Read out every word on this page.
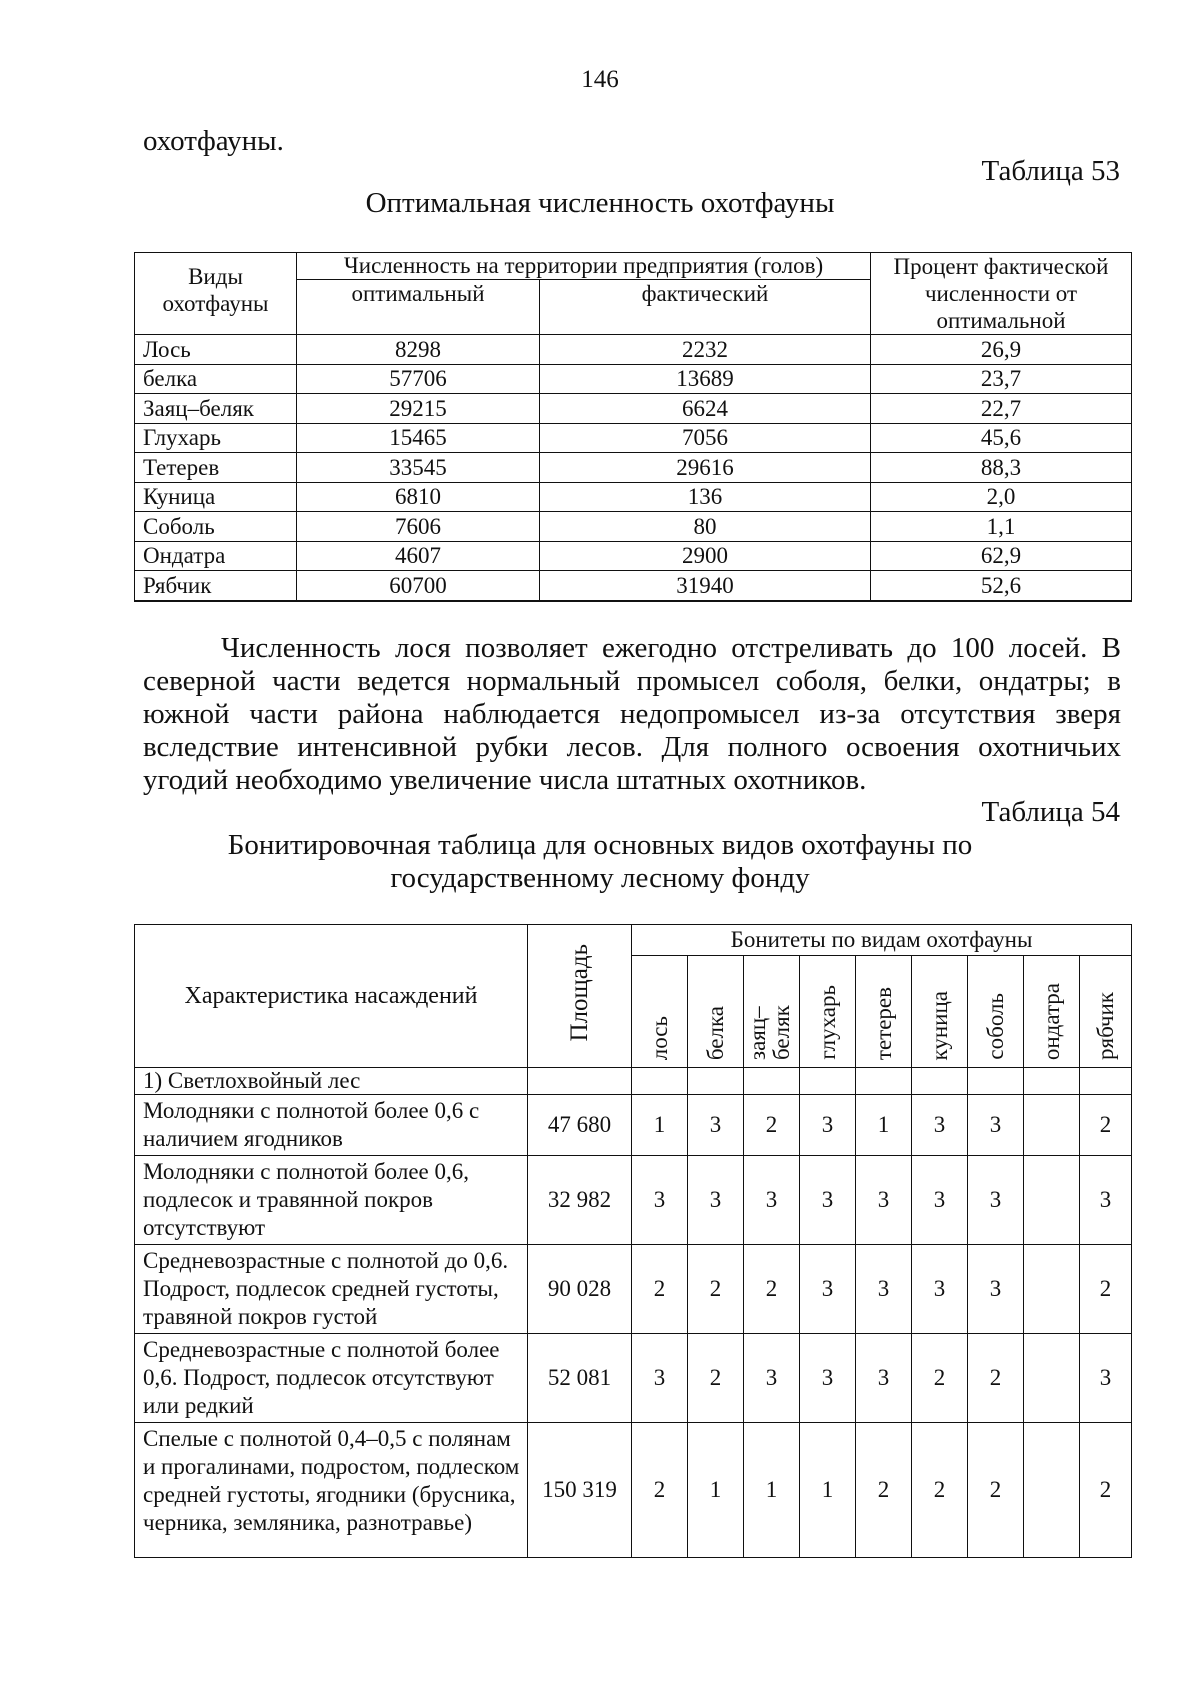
146
охотфауны.
Таблица 53
Оптимальная численность охотфауны
Виды охотфауны	Численность на территории предприятия (голов)		Процент фактической численности от оптимальной
	оптимальный	фактический	
Лось	8298	2232	26,9
белка	57706	13689	23,7
Заяц–беляк	29215	6624	22,7
Глухарь	15465	7056	45,6
Тетерев	33545	29616	88,3
Куница	6810	136	2,0
Соболь	7606	80	1,1
Ондатра	4607	2900	62,9
Рябчик	60700	31940	52,6

Численность лося позволяет ежегодно отстреливать до 100 лосей. В северной части ведется нормальный промысел соболя, белки, ондатры; в южной части района наблюдается недопромысел из-за отсутствия зверя вследствие интенсивной рубки лесов. Для полного освоения охотничьих угодий необходимо увеличение числа штатных охотников.

Таблица 54
Бонитировочная таблица для основных видов охотфауны по
государственному лесному фонду
Характеристика насаждений	Площадь	Бонитеты по видам охотфауны								
		лось	белка	заяц–беляк	глухарь	тетерев	куница	соболь	ондатра	рябчик
1) Светлохвойный лес										
Молодняки с полнотой более 0,6 с наличием ягодников	47 680	1	3	2	3	1	3	3		2
Молодняки с полнотой более 0,6, подлесок и травянной покров отсутствуют	32 982	3	3	3	3	3	3	3		3
Средневозрастные с полнотой до 0,6. Подрост, подлесок средней густоты, травяной покров густой	90 028	2	2	2	3	3	3	3		2
Средневозрастные с полнотой более 0,6. Подрост, подлесок отсутствуют или редкий	52 081	3	2	3	3	3	2	2		3
Спелые с полнотой 0,4–0,5 с полянам и прогалинами, подростом, подлеском средней густоты, ягодники (брусника, черника, земляника, разнотравье)	150 319	2	1	1	1	2	2	2		2
